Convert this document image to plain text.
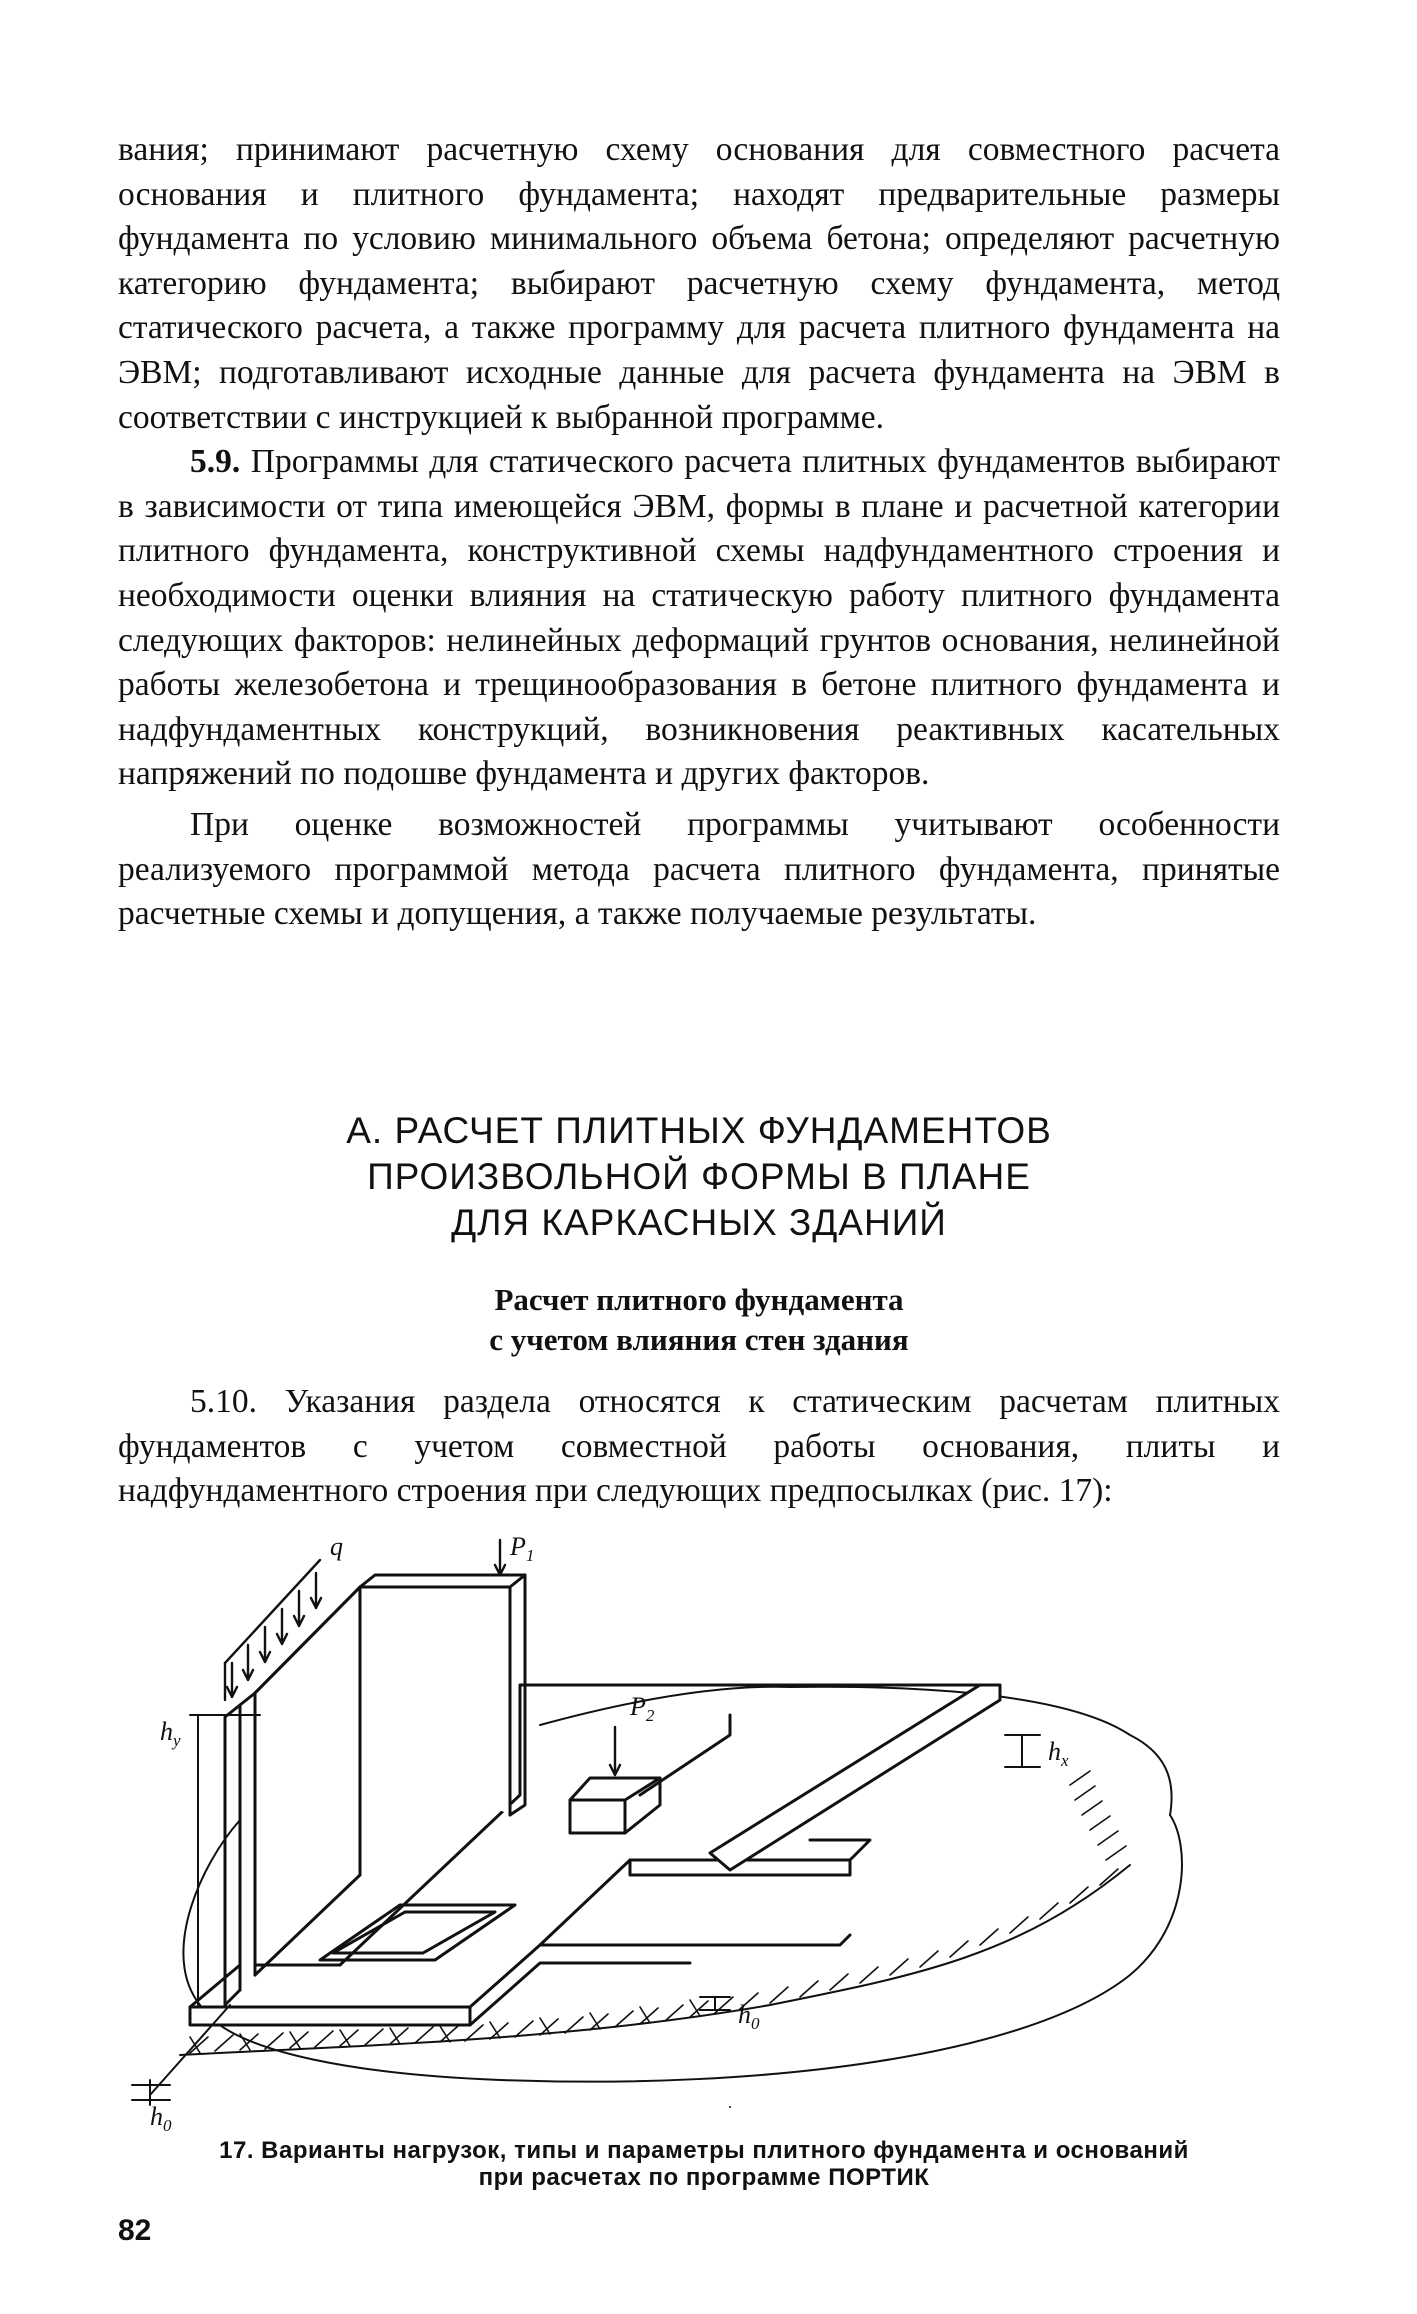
вания; принимают расчетную схему основания для совместного расчета основания и плитного фундамента; находят предварительные размеры фундамента по условию минимального объема бетона; определяют расчетную категорию фундамента; выбирают расчетную схему фундамента, метод статического расчета, а также программу для расчета плитного фундамента на ЭВМ; подготавливают исходные данные для расчета фундамента на ЭВМ в соответствии с инструкцией к выбранной программе.

5.9. Программы для статического расчета плитных фундаментов выбирают в зависимости от типа имеющейся ЭВМ, формы в плане и расчетной категории плитного фундамента, конструктивной схемы надфундаментного строения и необходимости оценки влияния на статическую работу плитного фундамента следующих факторов: нелинейных деформаций грунтов основания, нелинейной работы железобетона и трещинообразования в бетоне плитного фундамента и надфундаментных конструкций, возникновения реактивных касательных напряжений по подошве фундамента и других факторов.

При оценке возможностей программы учитывают особенности реализуемого программой метода расчета плитного фундамента, принятые расчетные схемы и допущения, а также получаемые результаты.

А. РАСЧЕТ ПЛИТНЫХ ФУНДАМЕНТОВ
ПРОИЗВОЛЬНОЙ ФОРМЫ В ПЛАНЕ
ДЛЯ КАРКАСНЫХ ЗДАНИЙ
Расчет плитного фундамента
с учетом влияния стен здания

5.10. Указания раздела относятся к статическим расчетам плитных фундаментов с учетом совместной работы основания, плиты и надфундаментного строения при следующих предпосылках (рис. 17):

q	$P_1$
$P_2$
$h_x$
$h_y$
$h_0$
$h_0$
17. Варианты нагрузок, типы и параметры плитного фундамента и оснований
при расчетах по программе ПОРТИК
82
